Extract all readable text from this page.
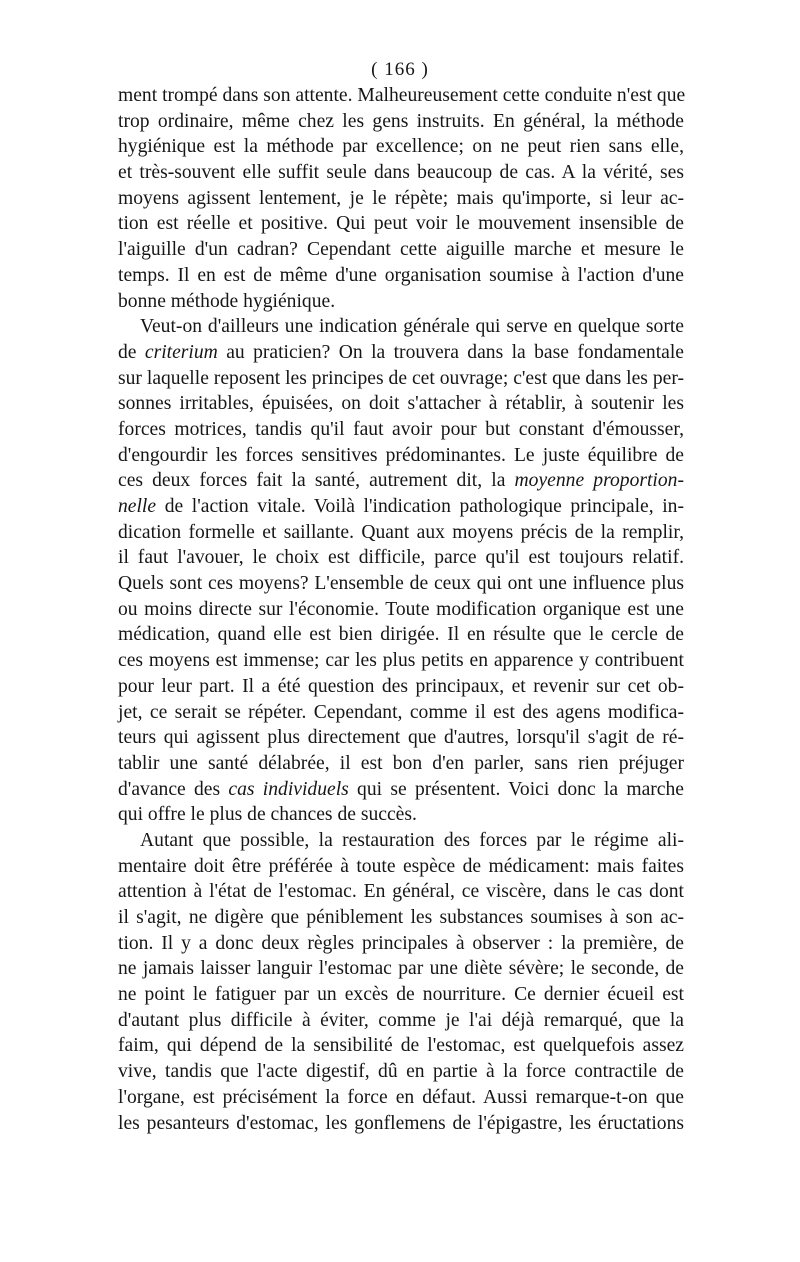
( 166 )
ment trompé dans son attente. Malheureusement cette conduite n'est que
trop ordinaire, même chez les gens instruits. En général, la méthode
hygiénique est la méthode par excellence; on ne peut rien sans elle,
et très-souvent elle suffit seule dans beaucoup de cas. A la vérité, ses
moyens agissent lentement, je le répète; mais qu'importe, si leur ac-
tion est réelle et positive. Qui peut voir le mouvement insensible de
l'aiguille d'un cadran? Cependant cette aiguille marche et mesure le
temps. Il en est de même d'une organisation soumise à l'action d'une
bonne méthode hygiénique.
Veut-on d'ailleurs une indication générale qui serve en quelque sorte
de criterium au praticien? On la trouvera dans la base fondamentale
sur laquelle reposent les principes de cet ouvrage; c'est que dans les per-
sonnes irritables, épuisées, on doit s'attacher à rétablir, à soutenir les
forces motrices, tandis qu'il faut avoir pour but constant d'émousser,
d'engourdir les forces sensitives prédominantes. Le juste équilibre de
ces deux forces fait la santé, autrement dit, la moyenne proportion-
nelle de l'action vitale. Voilà l'indication pathologique principale, in-
dication formelle et saillante. Quant aux moyens précis de la remplir,
il faut l'avouer, le choix est difficile, parce qu'il est toujours relatif.
Quels sont ces moyens? L'ensemble de ceux qui ont une influence plus
ou moins directe sur l'économie. Toute modification organique est une
médication, quand elle est bien dirigée. Il en résulte que le cercle de
ces moyens est immense; car les plus petits en apparence y contribuent
pour leur part. Il a été question des principaux, et revenir sur cet ob-
jet, ce serait se répéter. Cependant, comme il est des agens modifica-
teurs qui agissent plus directement que d'autres, lorsqu'il s'agit de ré-
tablir une santé délabrée, il est bon d'en parler, sans rien préjuger
d'avance des cas individuels qui se présentent. Voici donc la marche
qui offre le plus de chances de succès.
Autant que possible, la restauration des forces par le régime ali-
mentaire doit être préférée à toute espèce de médicament: mais faites
attention à l'état de l'estomac. En général, ce viscère, dans le cas dont
il s'agit, ne digère que péniblement les substances soumises à son ac-
tion. Il y a donc deux règles principales à observer : la première, de
ne jamais laisser languir l'estomac par une diète sévère; le seconde, de
ne point le fatiguer par un excès de nourriture. Ce dernier écueil est
d'autant plus difficile à éviter, comme je l'ai déjà remarqué, que la
faim, qui dépend de la sensibilité de l'estomac, est quelquefois assez
vive, tandis que l'acte digestif, dû en partie à la force contractile de
l'organe, est précisément la force en défaut. Aussi remarque-t-on que
les pesanteurs d'estomac, les gonflemens de l'épigastre, les éructations
